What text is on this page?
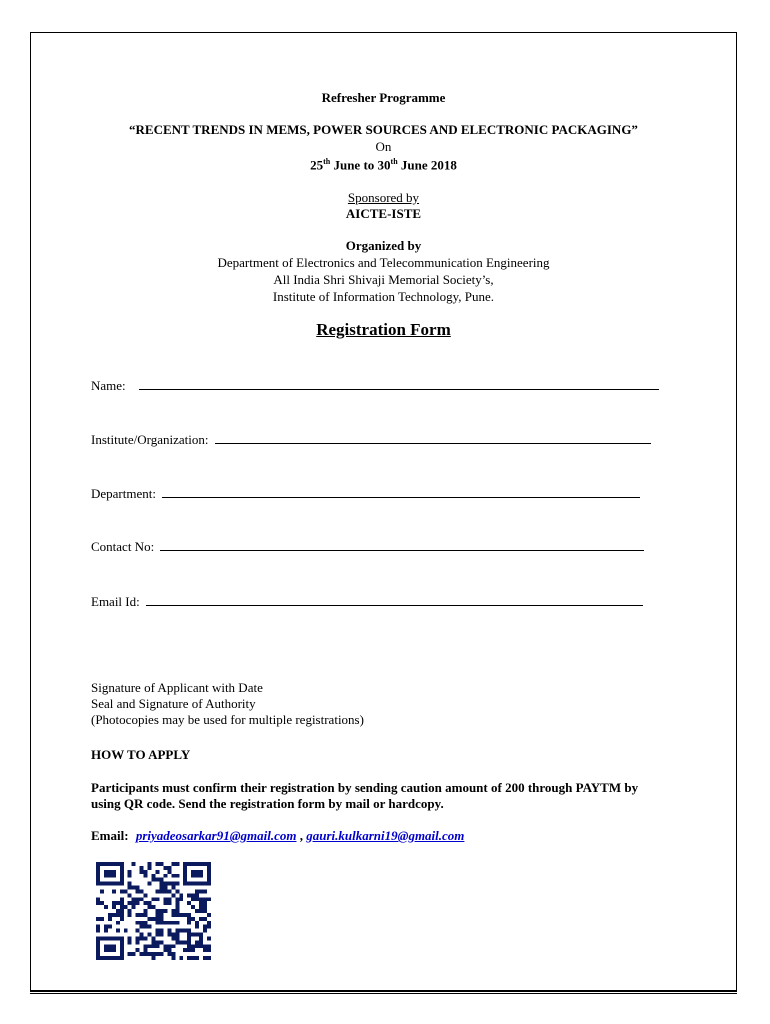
Refresher Programme
“RECENT TRENDS IN MEMS, POWER SOURCES AND ELECTRONIC PACKAGING”
On
25th June to 30th June 2018
Sponsored by
AICTE-ISTE
Organized by
Department of Electronics and Telecommunication Engineering
All India Shri Shivaji Memorial Society’s,
Institute of Information Technology, Pune.
Registration Form
Name:
Institute/Organization:
Department:
Contact No:
Email Id:
Signature of Applicant with Date
Seal and Signature of Authority
(Photocopies may be used for multiple registrations)
HOW TO APPLY
Participants must confirm their registration by sending caution amount of 200 through PAYTM by
using QR code. Send the registration form by mail or hardcopy.
Email: priyadeosarkar91@gmail.com , gauri.kulkarni19@gmail.com
